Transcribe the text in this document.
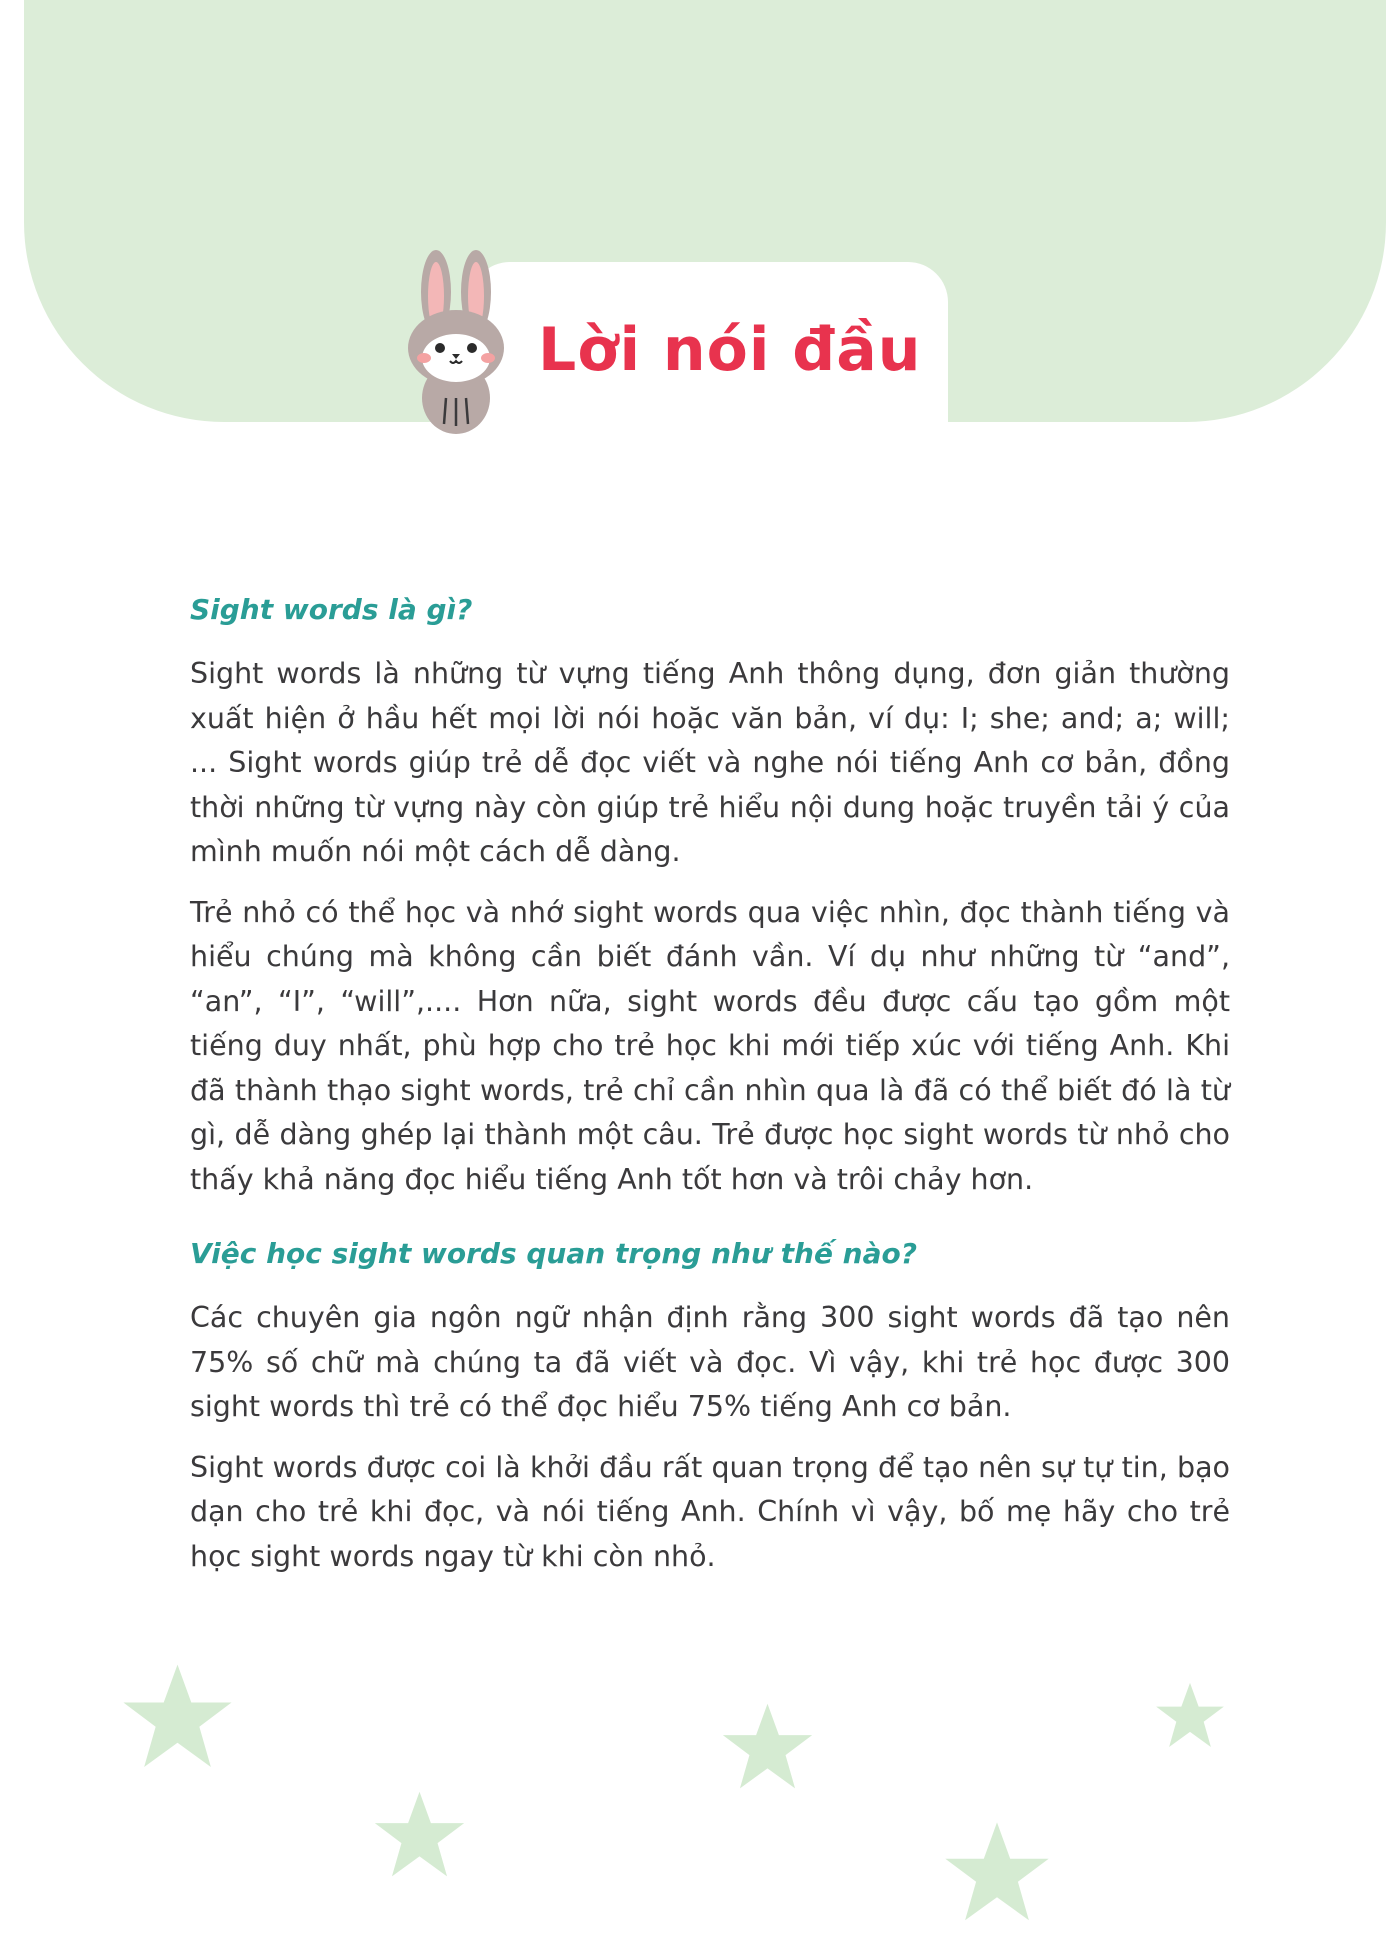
Lời nói đầu
Sight words là gì?

Sight words là những từ vựng tiếng Anh thông dụng, đơn giản thường xuất hiện ở hầu hết mọi lời nói hoặc văn bản, ví dụ: I; she; and; a; will; ... Sight words giúp trẻ dễ đọc viết và nghe nói tiếng Anh cơ bản, đồng thời những từ vựng này còn giúp trẻ hiểu nội dung hoặc truyền tải ý của mình muốn nói một cách dễ dàng.

Trẻ nhỏ có thể học và nhớ sight words qua việc nhìn, đọc thành tiếng và hiểu chúng mà không cần biết đánh vần. Ví dụ như những từ “and”, “an”, “I”, “will”,.... Hơn nữa, sight words đều được cấu tạo gồm một tiếng duy nhất, phù hợp cho trẻ học khi mới tiếp xúc với tiếng Anh. Khi đã thành thạo sight words, trẻ chỉ cần nhìn qua là đã có thể biết đó là từ gì, dễ dàng ghép lại thành một câu. Trẻ được học sight words từ nhỏ cho thấy khả năng đọc hiểu tiếng Anh tốt hơn và trôi chảy hơn.

Việc học sight words quan trọng như thế nào?

Các chuyên gia ngôn ngữ nhận định rằng 300 sight words đã tạo nên 75% số chữ mà chúng ta đã viết và đọc. Vì vậy, khi trẻ học được 300 sight words thì trẻ có thể đọc hiểu 75% tiếng Anh cơ bản.

Sight words được coi là khởi đầu rất quan trọng để tạo nên sự tự tin, bạo dạn cho trẻ khi đọc, và nói tiếng Anh. Chính vì vậy, bố mẹ hãy cho trẻ học sight words ngay từ khi còn nhỏ.
